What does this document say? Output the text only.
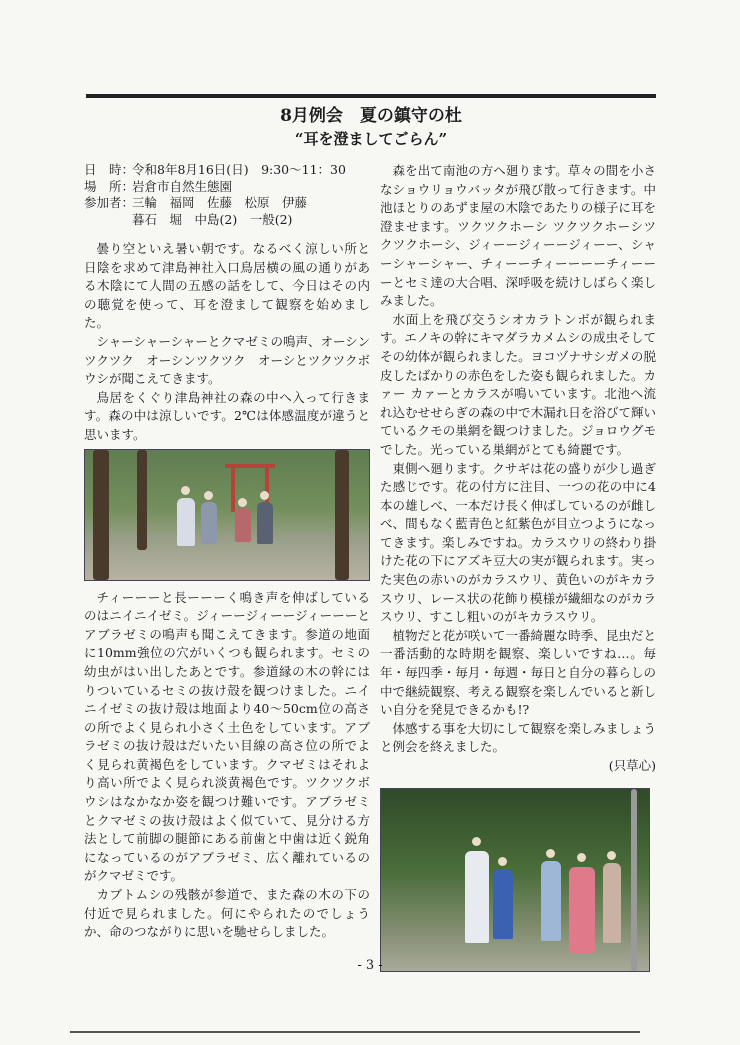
8月例会　夏の鎮守の杜
“耳を澄ましてごらん”
日　時：
令和8年8月16日(日)　9:30〜11：30
場　所：
岩倉市自然生態園
参加者：
三輪　福岡　佐藤　松原　伊藤
暮石　堀　中島(2)　一般(2)

曇り空といえ暑い朝です。なるべく涼しい所と日陰を求めて津島神社入口鳥居横の風の通りがある木陰にて人間の五感の話をして、今日はその内の聴覚を使って、耳を澄まして観察を始めました。

シャーシャーシャーとクマゼミの鳴声、オーシンツクツク　オーシンツクツク　オーシとツクツクボウシが聞こえてきます。

鳥居をくぐり津島神社の森の中へ入って行きます。森の中は涼しいです。2℃は体感温度が違うと思います。

チィーーーと長ーーーく鳴き声を伸ばしているのはニイニイゼミ。ジィーージィーージィーーーとアブラゼミの鳴声も聞こえてきます。参道の地面に10mm強位の穴がいくつも観られます。セミの幼虫がはい出したあとです。参道縁の木の幹にはりついているセミの抜け殻を観つけました。ニイニイゼミの抜け殻は地面より40〜50cm位の高さの所でよく見られ小さく土色をしています。アブラゼミの抜け殻はだいたい目線の高さ位の所でよく見られ黄褐色をしています。クマゼミはそれより高い所でよく見られ淡黄褐色です。ツクツクボウシはなかなか姿を観つけ難いです。アブラゼミとクマゼミの抜け殻はよく似ていて、見分ける方法として前脚の腿節にある前歯と中歯は近く鋭角になっているのがアブラゼミ、広く離れているのがクマゼミです。

カブトムシの残骸が参道で、また森の木の下の付近で見られました。何にやられたのでしょうか、命のつながりに思いを馳せらしました。

森を出て南池の方へ廻ります。草々の間を小さなショウリョウバッタが飛び散って行きます。中池ほとりのあずま屋の木陰であたりの様子に耳を澄ませます。ツクツクホーシ ツクツクホーシツクツクホーシ、ジィーージィーージィーー、シャーシャーシャー、チィーーチィーーーーチィーーーとセミ達の大合唱、深呼吸を続けしばらく楽しみました。

水面上を飛び交うシオカラトンボが観られます。エノキの幹にキマダラカメムシの成虫そしてその幼体が観られました。ヨコヅナサシガメの脱皮したばかりの赤色をした姿も観られました。カァー カァーとカラスが鳴いています。北池へ流れ込むせせらぎの森の中で木漏れ日を浴びて輝いているクモの巣網を観つけました。ジョロウグモでした。光っている巣網がとても綺麗です。

東側へ廻ります。クサギは花の盛りが少し過ぎた感じです。花の付方に注目、一つの花の中に4本の雄しべ、一本だけ長く伸ばしているのが雌しべ、間もなく藍青色と紅紫色が目立つようになってきます。楽しみですね。カラスウリの終わり掛けた花の下にアズキ豆大の実が観られます。実った実色の赤いのがカラスウリ、黄色いのがキカラスウリ、レース状の花飾り模様が繊細なのがカラスウリ、すこし粗いのがキカラスウリ。

植物だと花が咲いて一番綺麗な時季、昆虫だと一番活動的な時期を観察、楽しいですね…。毎年・毎四季・毎月・毎週・毎日と自分の暮らしの中で継続観察、考える観察を楽しんでいると新しい自分を発見できるかも!?

体感する事を大切にして観察を楽しみましょうと例会を終えました。

(只草心)

- 3 -
